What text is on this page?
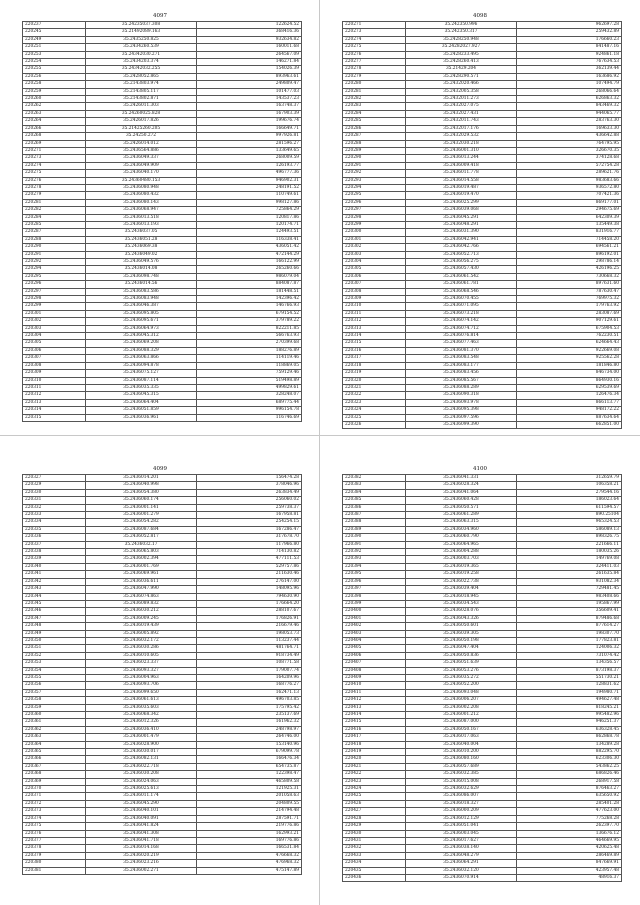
4097
220237	35.24235037.308	122624.52
220245	35.21492089.163	368416.36
220249	35.2435250.825	932634.82
220251	35.2434260.539	160011.68
220253	35.24342030.271	264567.09
220254	35.2434203.374	146271.84
220255	35.24342032.255	154026.39
220256	35.2428052.865	893963.61
220258	35.2143803.974	249809.47
220259	35.2143805.117	101477.03
220260	35.2143802.871	143537.23
220262	35.2426011.303	163748.37
220263	35.24260025.828	167903.39
220264	35.2426017.826	199676.74
220266	35.21425260.205	166649.71
220268	35.24250.272	997926.81
220269	35.2426014.012	281596.27
220271	35.2436564.886	133649.65
220273	35.2436049.337	268009.59
220274	35.2436049.909	126193.77
220275	35.2436040.170	496777.36
220276	35.24360480.153	946902.31
220278	35.2436080.948	248191.52
220279	35.2436080.432	110749.61
220281	35.2436080.143	998127.86
220282	35.2436068.947	725864.29
220284	35.2436013.518	120817.86
220285	35.2436013.193	120174.71
220287	35.2436037.05	124493.51
220288	35.2436051.28	116338.41
220290	35.2436069.38	436051.42
220291	35.2436049.02	472144.29
220292	35.2436049.576	166122.99
220294	35.2436014.08	265260.66
220295	35.2436098.748	986079.04
220296	35.2436014.56	884087.87
220297	35.2436083.586	181448.51
220298	35.2436083.948	142396.42
220299	35.2436046.387	146766.93
220301	35.2436095.805	679154.52
220302	35.2436095.671	379789.22
220303	35.2436064.973	822211.85
220304	35.2436045.312	566763.93
220305	35.2436069.208	270399.68
220306	35.2436088.329	188276.89
220307	35.2436063.866	114119.46
220308	35.2436094.878	118869.05
220309	35.2436075.127	759129.46
220310	35.2436087.114	519498.89
220311	35.2436035.335	499829.61
220312	35.2436045.315	328248.07
220313	35.2436064.404	689775.44
220314	35.2436051.859	996154.78
220315	35.2436036.961	116746.69
4098
220271	35.242350.996	962697.28
220273	35.242350.317	259432.89
220274	35.2428250.948	176660.23
220275	35.24282027.927	841487.16
220276	35.2428233.495	924861.18
220277	35.2428260.413	767634.53
220278	35.21429.204	362139.44
220279	35.2428290.571	163686.92
220280	35.2432020.466	107494.79
220281	35.2432005.358	268066.64
220282	35.2432011.273	626863.32
220283	35.2432027.075	843469.32
220284	35.2432027.431	944065.77
220285	35.2432011.743	283763.30
220286	35.2432017.176	169633.30
220287	35.2432029.532	436642.88
220288	35.2432030.218	764795.95
220289	35.2436001.310	326670.35
220290	35.2436013.244	374128.68
220291	35.2436009.418	572754.28
220292	35.2436011.778	289621.76
220293	35.2436014.558	983683.66
220294	35.2436019.487	936572.80
220295	35.2436019.470	707421.36
220296	35.2436025.299	869177.01
220297	35.2436039.068	294675.69
220298	35.2436045.291	642309.39
220299	35.2436048.291	135449.38
220300	35.2436031.390	831916.77
220301	35.2436042.941	714458.20
220302	35.2436042.766	694561.21
220303	35.2436052.713	896192.01
220304	35.2436056.275	298786.14
220305	35.2436057.430	426196.25
220306	35.2436061.542	730668.32
220307	35.2436061.781	897631.60
220308	35.2436068.546	787630.47
220309	35.2436070.455	769975.32
220310	35.2436071.095	179763.92
220311	35.2436073.218	283087.69
220312	35.2436074.142	907129.61
220313	35.2436074.712	675904.53
220314	35.2436076.814	762230.51
220315	35.2436077.463	624664.43
220316	35.2436081.370	922669.08
220317	35.2436083.548	925562.28
220318	35.2436083.177	181846.80
220319	35.2436083.456	846734.00
220320	35.2436085.567	864930.16
220321	35.2436088.289	629539.69
220322	35.2436090.318	126476.34
220323	35.2436093.978	866113.77
220324	35.2436095.398	948172.22
220325	35.2436097.596	887634.64
220326	35.2436099.390	662851.00
4099
220327	35.2436014.201	156474.28
220329	35.2436040.998	378046.96
220330	35.2436054.380	263834.49
220331	35.2436060.174	256060.02
220332	35.2436001.141	259738.37
220333	35.2436001.279	167958.81
220334	35.2436054.282	254254.15
220335	35.2436087.684	167286.47
220336	35.2436052.817	317678.70
220337	35.2436032.17	117966.80
220338	35.2436065.803	714130.82
220339	35.2436002.394	477111.53
220340	35.2436001.769	529757.86
220341	35.2436069.961	211630.46
220342	35.2436036.611	276147.00
220343	35.2436047.990	148095.96
220344	35.2436074.863	794630.90
220345	35.2436089.832	176664.20
220346	35.2436030.212	288107.67
220347	35.2436009.245	176826.91
220348	35.2436019.439	216679.46
220349	35.2436005.892	198053.73
220350	35.2436032.172	113237.44
220351	35.2436030.286	481764.71
220352	35.2436010.605	918734.49
220353	35.2436023.337	108771.58
220354	35.2436093.327	179007.74
220355	35.2436004.963	164209.96
220356	35.2436093.706	168776.27
220357	35.2436099.650	162471.13
220358	35.2436061.613	496703.85
220359	35.2436035.603	175795.42
220360	35.2436068.342	235137.69
220361	35.2436012.326	161962.32
220362	35.2436036.410	248798.97
220363	35.2436001.479	264746.00
220364	35.2436028.900	153140.96
220365	35.2436030.017	679099.78
220366	35.2436082.131	166476.34
220367	35.2436022.718	654735.87
220368	35.2436030.208	122398.47
220369	35.2436024.063	465809.58
220370	35.2436025.613	121925.31
220371	35.2436011.174	201058.63
220372	35.2436045.290	204809.55
220373	35.2436040.101	214794.48
220374	35.2436040.091	287591.71
220375	35.2436041.824	219776.86
220376	35.2436041.308	162993.21
220377	35.2436041.718	169776.86
220378	35.2436014.168	166531.84
220379	35.2436020.219	476668.32
220380	35.2436023.216	476968.32
220381	35.2436002.271	475147.89
4100
220382	35.2436041.331	312659.79
220383	35.2436028.324	106358.21
220384	35.2436041.064	279544.16
220385	35.2436060.428	186023.64
220386	35.2436050.571	611594.57
220387	35.2436061.289	890.25104
220388	35.2436063.315	965324.53
220389	35.2436034.960	586089.13
220390	35.2436060.790	898326.75
220391	35.2436064.965	221666.11
220392	35.2436004.288	180035.26
220393	35.2436003.703	149769.08
220394	35.2436019.365	324411.03
220395	35.2436019.258	261635.84
220396	35.2436022.738	931082.34
220397	35.2436039.404	729481.45
220398	35.2436018.945	983408.66
220399	35.2436034.543	195867.99
220400	35.2436028.076	356609.41
220401	35.2436043.326	879486.68
220402	35.2436050.601	877614.27
220403	35.2436039.305	198307.70
220404	35.2436050.198	177823.81
220405	35.2436047.404	124006.32
220406	35.2436050.836	731074.42
220407	35.2436051.639	134356.57
220408	35.2436053.276	873198.37
220409	35.2436035.272	551730.21
220410	35.2436052.200	128831.62
220411	35.2436093.048	194980.71
220412	35.2436006.207	494627.48
220413	35.2436002.208	818245.21
220414	35.2436001.212	995482.96
220415	35.2436087.000	946251.37
220416	35.2436050.167	636328.45
220417	35.2436017.063	862868.78
220418	35.2436040.004	134289.28
220419	35.2436010.200	882295.70
220420	35.2436080.160	623306.30
220421	35.2436057.689	543862.25
220422	35.2436032.385	686826.46
220423	35.2436015.008	268917.58
220424	35.2436032.629	876463.27
220425	35.2436086.007	635650.92
220426	35.2436018.327	285401.28
220427	35.2436000.209	477623.00
220428	35.2436012.129	775268.28
220429	35.2436051.041	262397.70
220430	35.2436003.045	136676.12
220431	35.2436017.627	464669.95
220432	35.2436038.140	420625.48
220433	35.2436048.279	286469.89
220434	35.2436064.291	847669.91
220435	35.2436032.120	423957.48
220436	35.2436070.914	48916.37
